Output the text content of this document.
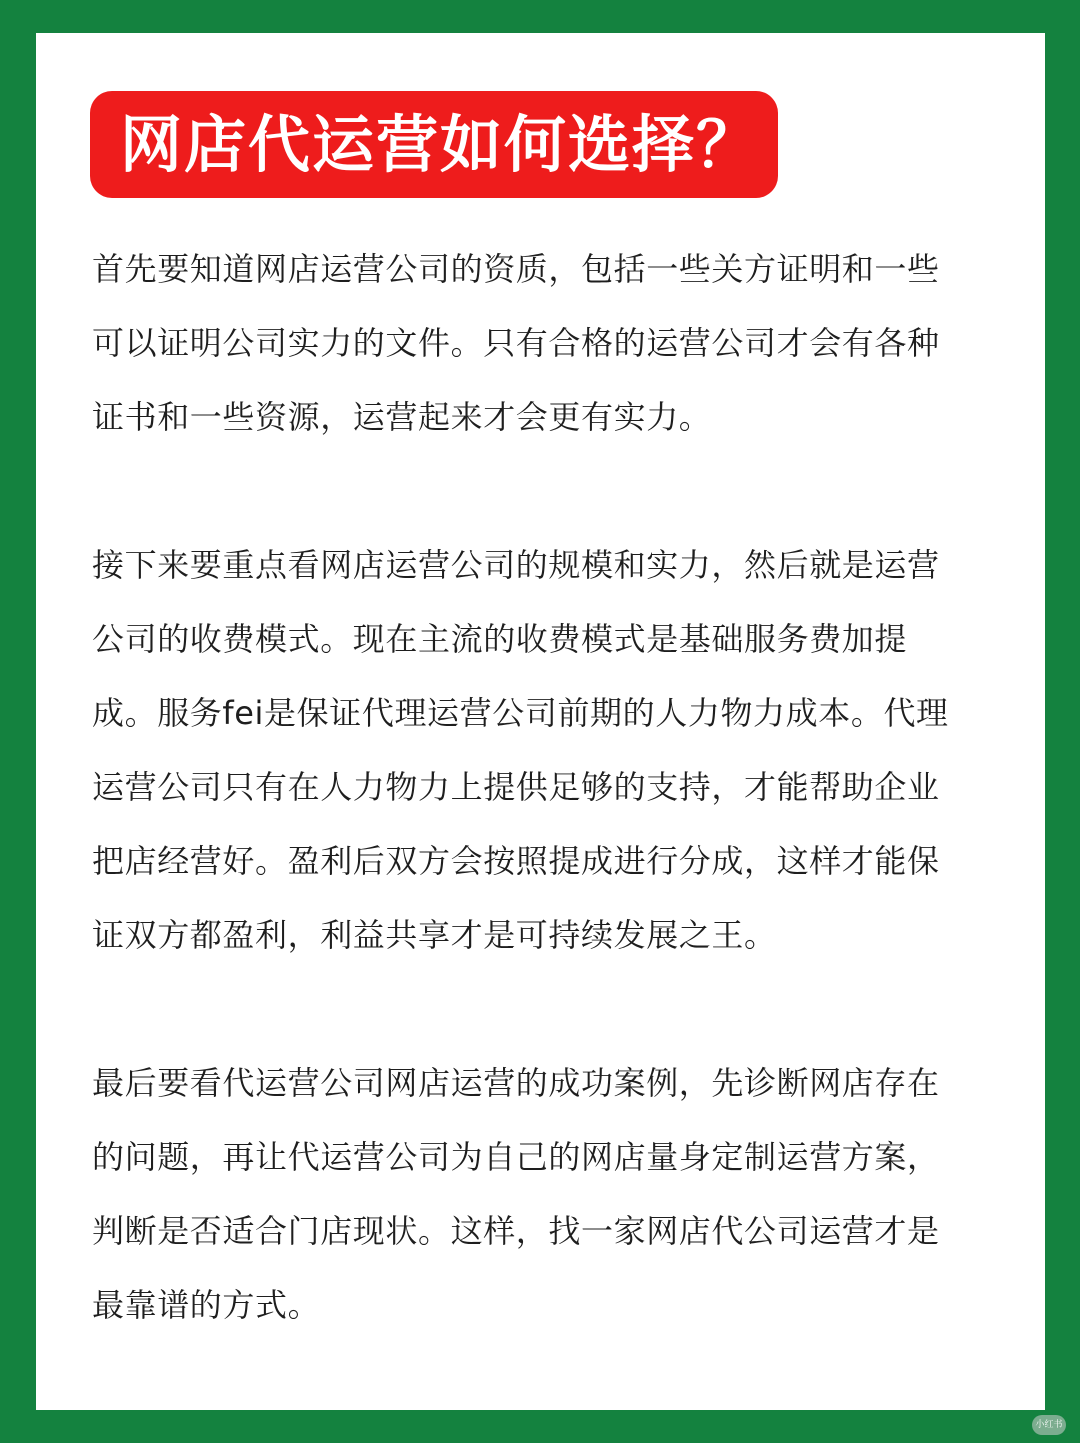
网店代运营如何选择？

首先要知道网店运营公司的资质，包括一些关方证明和一些可以证明公司实力的文件。只有合格的运营公司才会有各种证书和一些资源，运营起来才会更有实力。

接下来要重点看网店运营公司的规模和实力，然后就是运营公司的收费模式。现在主流的收费模式是基础服务费加提成。服务fei是保证代理运营公司前期的人力物力成本。代理运营公司只有在人力物力上提供足够的支持，才能帮助企业把店经营好。盈利后双方会按照提成进行分成，这样才能保证双方都盈利，利益共享才是可持续发展之王。

最后要看代运营公司网店运营的成功案例，先诊断网店存在的问题，再让代运营公司为自己的网店量身定制运营方案，判断是否适合门店现状。这样，找一家网店代公司运营才是最靠谱的方式。

小红书
